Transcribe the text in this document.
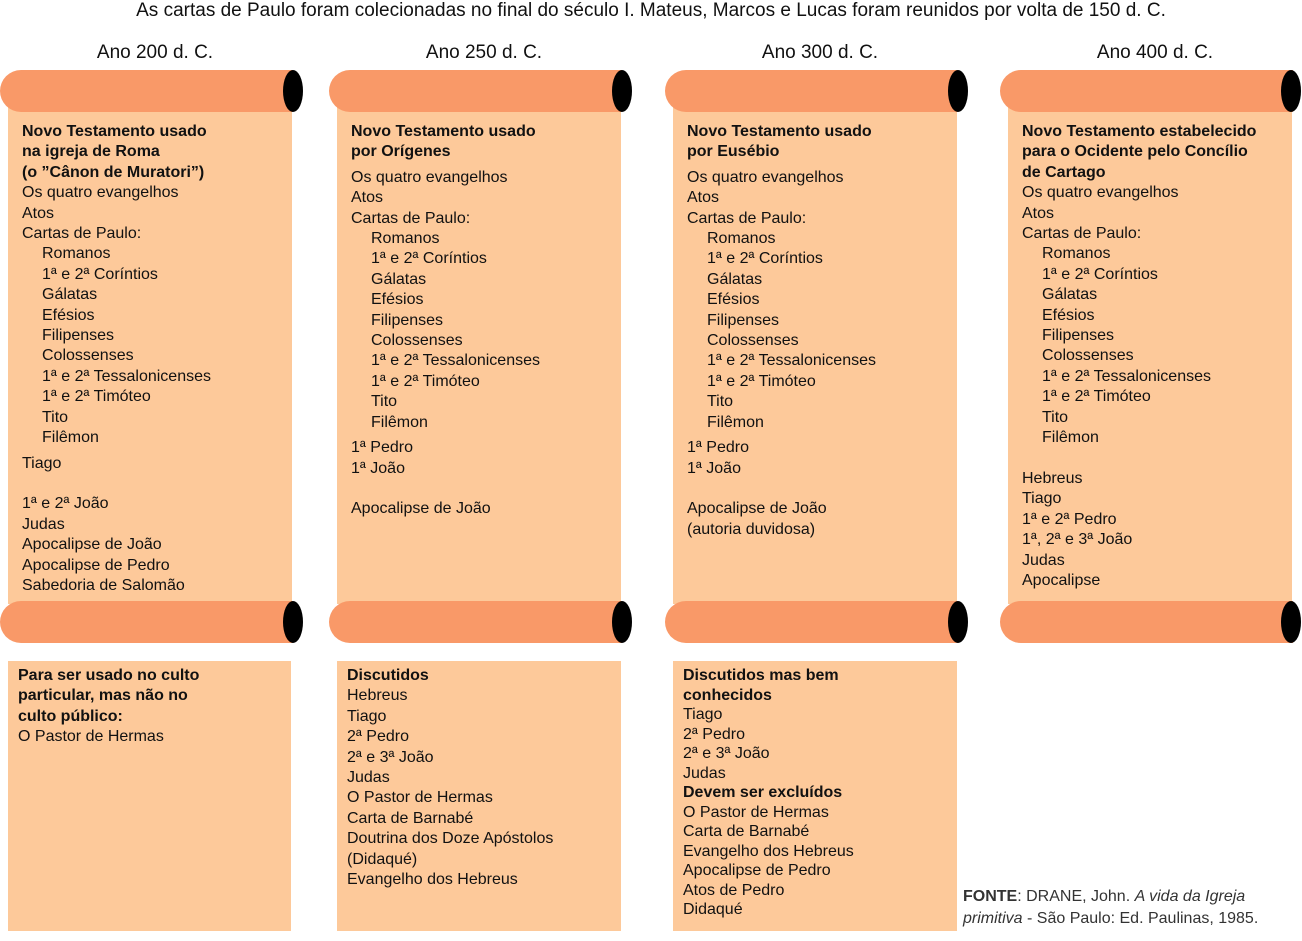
As cartas de Paulo foram colecionadas no final do século I. Mateus, Marcos e Lucas foram reunidos por volta de 150 d. C.
Ano 200 d. C.
Novo Testamento usado
na igreja de Roma
(o ”Cânon de Muratori”)
Os quatro evangelhos
Atos
Cartas de Paulo:
Romanos
1ª e 2ª Coríntios
Gálatas
Efésios
Filipenses
Colossenses
1ª e 2ª Tessalonicenses
1ª e 2ª Timóteo
Tito
Filêmon
Tiago
1ª e 2ª João
Judas
Apocalipse de João
Apocalipse de Pedro
Sabedoria de Salomão
Para ser usado no culto
particular, mas não no
culto público:
O Pastor de Hermas
Ano 250 d. C.
Novo Testamento usado
por Orígenes
Os quatro evangelhos
Atos
Cartas de Paulo:
Romanos
1ª e 2ª Coríntios
Gálatas
Efésios
Filipenses
Colossenses
1ª e 2ª Tessalonicenses
1ª e 2ª Timóteo
Tito
Filêmon
1ª Pedro
1ª João
Apocalipse de João
Discutidos
Hebreus
Tiago
2ª Pedro
2ª e 3ª João
Judas
O Pastor de Hermas
Carta de Barnabé
Doutrina dos Doze Apóstolos
(Didaqué)
Evangelho dos Hebreus
Ano 300 d. C.
Novo Testamento usado
por Eusébio
Os quatro evangelhos
Atos
Cartas de Paulo:
Romanos
1ª e 2ª Coríntios
Gálatas
Efésios
Filipenses
Colossenses
1ª e 2ª Tessalonicenses
1ª e 2ª Timóteo
Tito
Filêmon
1ª Pedro
1ª João
Apocalipse de João
(autoria duvidosa)
Discutidos mas bem
conhecidos
Tiago
2ª Pedro
2ª e 3ª João
Judas
Devem ser excluídos
O Pastor de Hermas
Carta de Barnabé
Evangelho dos Hebreus
Apocalipse de Pedro
Atos de Pedro
Didaqué
Ano 400 d. C.
Novo Testamento estabelecido
para o Ocidente pelo Concílio
de Cartago
Os quatro evangelhos
Atos
Cartas de Paulo:
Romanos
1ª e 2ª Coríntios
Gálatas
Efésios
Filipenses
Colossenses
1ª e 2ª Tessalonicenses
1ª e 2ª Timóteo
Tito
Filêmon
Hebreus
Tiago
1ª e 2ª Pedro
1ª, 2ª e 3ª João
Judas
Apocalipse
FONTE: DRANE, John. A vida da Igreja
primitiva - São Paulo: Ed. Paulinas, 1985.
